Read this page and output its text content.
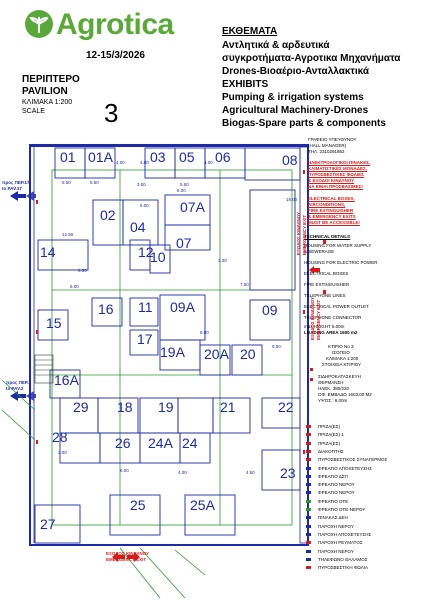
Agrotica
12-15/3/2026
ΕΚΘΕΜΑΤΑ
Αντλητικά & αρδευτικά
συγκροτήματα-Αγροτικα Μηχανήματα
Drones-Βιοαέριο-Ανταλλακτικά
EXHIBITS
Pumping & irrigation systems
Agricultural Machinery-Drones
Biogas-Spare parts & components
ΠΕΡΙΠΤΕΡΟ
PAVILION
ΚΛΙΜΑΚΑ 1:200
SCALE 3
01 01A	03 05 06	08
02
04
07A
07
14	12
10
09
15
16 11 09A
17
19A 20A 20
16A
29 18 19	21	22
28	26 24A 24
23
25	25A
27
5.50
4.00	4.00
5.50	5.50
4.00
3.50
6.00
6.00
12.50
6.50
7.50
3.00
6.00
6.00
9.50
6.00	4.00
3.00
4.50
18.00
ΓΡΑΦΕΙΟ ΥΠΕΥΘΥΝΟΥ
(HALL MANAGER)
ΤΗΛ. 2310291862
ΗΛΕΚΤΡΟΛΟΓΙΚΟΙ ΠΙΝΑΚΕΣ,
ΚΛΙΜΑΤΙΣΤΙΚΕΣ ΜΟΝΑΔΕΣ,
ΠΥΡΟΣΒΕΣΤΙΚΕΣ ΦΩΛΙΕΣ
& ΕΞΟΔΟΙ ΚΙΝΔΥΝΟΥ
ΝΑ ΕΙΝΑΙ ΠΡΟΣΒΑΣΙΜΕΣ!
ELECTRICAL BOXES,
AIRCONDITIONS,
FIRE EXTINGUISHER
& EMERGENCY EXITS
MUST BE ACCESSIBLE!
TECHNICAL DETAILS
HOUSING FOR WATER SUPPLY
& SEWERAGE
HOUSING FOR ELECTRIC POWER
ELECTRICAL BOXES
FIRE EXTINGUISHER
TELEPHONE LINES
ELECTRICAL POWER OUTLET
TELEPHONE CONNECTOR
max HEIGHT 6.00m
LOADING AREA 1600 m2
ΚΤΙΡΙΟ Νο 3
ΙΣΟΓΕΙΟ
ΚΛΙΜΑΚΑ 1:200
ΣΤΟΙΧΕΙΑ ΚΤΙΡΙΟΥ
ΣΙΔΗΡΟΚΑΤΑΣΚΕΥΗ
ΘΕΡΜΑΝΣΗ
ΗΛΕΚ. 380/220
ΟΦ. ΕΜΒΑΔΟ 1603.00 M2
ΥΨΟΣ : 6.00m
ΠΡΙΖΑ(ΕΣ)
ΠΡΙΖΑ(ΕΣ) 1
ΠΡΙΖΑ(ΕΣ)
ΔΙΑΚΟΠΤΗΣ
ΠΥΡΟΣΒΕΣΤΙΚΟΣ ΣΥΝΑΓΕΡΜΟΣ
ΦΡΕΑΤΙΟ ΑΠΟΧΕΤΕΥΣΗΣ
ΦΡΕΑΤΙΟ ΔΣΠ
ΦΡΕΑΤΙΟ ΝΕΡΟΥ
ΦΡΕΑΤΙΟ ΝΕΡΟΥ
ΦΡΕΑΤΙΟ ΟΤΕ
ΦΡΕΑΤΙΟ ΟΤΕ-ΝΕΡΟΥ
ΠΙΝΑΚΑΣ ΔΕΗ
ΠΑΡΟΧΗ ΝΕΡΟΥ
ΠΑΡΟΧΗ ΑΠΟΧΕΤΕΥΣΗΣ
ΠΑΡΟΧΗ ΡΕΥΜΑΤΟΣ
ΠΑΡΟΧΗ ΝΕΡΟΥ
ΤΗΛΕΦΩΝΟ ΘΑΛΑΜΟΣ
ΠΥΡΟΣΒΕΣΤΙΚΗ ΦΩΛΙΑ
προς ΠΕΡ.17
to PAV.17
προς ΠΕΡ.2
to PAV.2
ΕΞΟΔΟΣ ΚΙΝΔΥΝΟΥ
EMERGENCY EXIT
ΕΞΟΔΟΣ ΚΙΝΔΥΝΟΥ EMERGENCY EXIT
ΕΞΟΔΟΣ ΚΙΝΔΥΝΟΥ EMERGENCY EXIT
